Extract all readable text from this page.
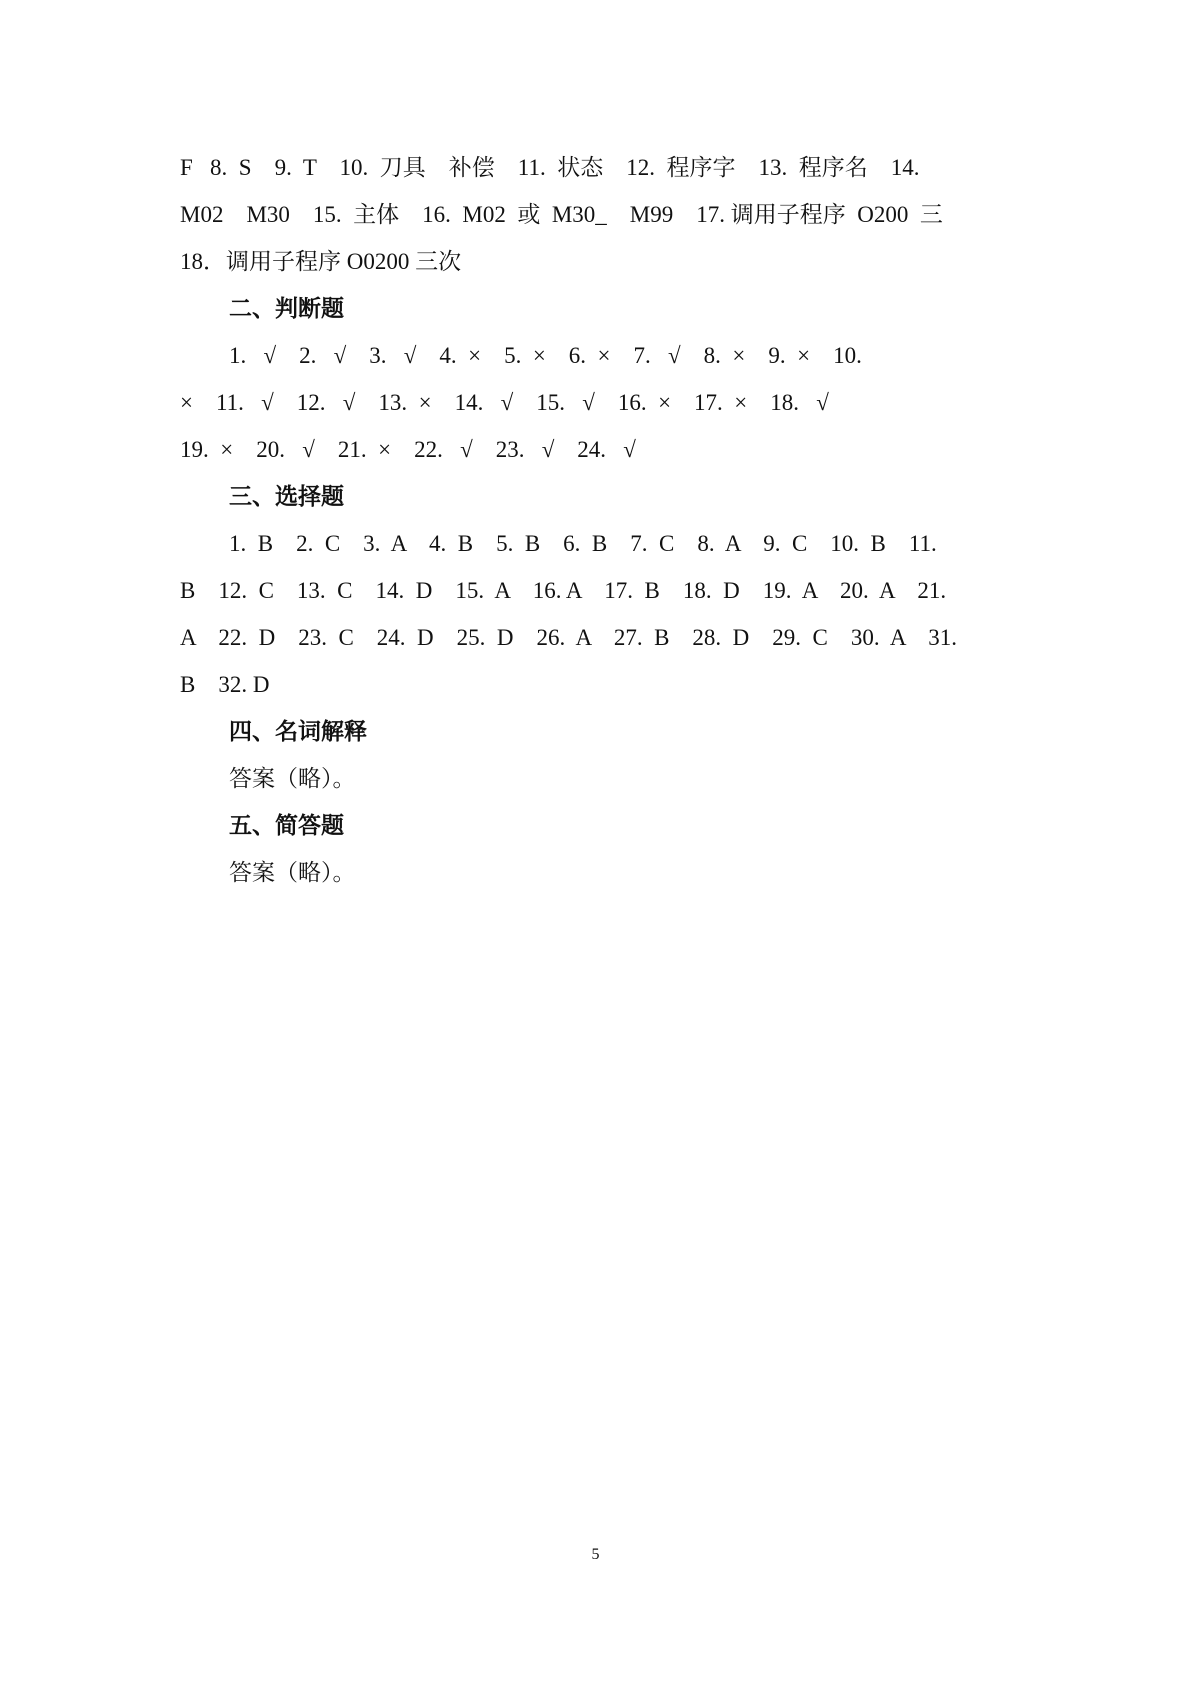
F   8.  S    9.  T    10.  刀具    补偿    11.  状态    12.  程序字    13.  程序名    14.
M02    M30    15.  主体    16.  M02  或  M30_    M99    17. 调用子程序  O200  三
18．调用子程序 O0200 三次
二、判断题
1.   √    2.   √    3.   √    4.  ×    5.  ×    6.  ×    7.   √    8.  ×    9.  ×    10.
×    11.   √    12.   √    13.  ×    14.   √    15.   √    16.  ×    17.  ×    18.   √
19.  ×    20.   √    21.  ×    22.   √    23.   √    24.   √
三、选择题
1.  B    2.  C    3.  A    4.  B    5.  B    6.  B    7.  C    8.  A    9.  C    10.  B    11.
B    12.  C    13.  C    14.  D    15.  A    16. A    17.  B    18.  D    19.  A    20.  A    21.
A    22.  D    23.  C    24.  D    25.  D    26.  A    27.  B    28.  D    29.  C    30.  A    31.
B    32. D
四、名词解释
答案（略）。
五、简答题
答案（略）。
5
